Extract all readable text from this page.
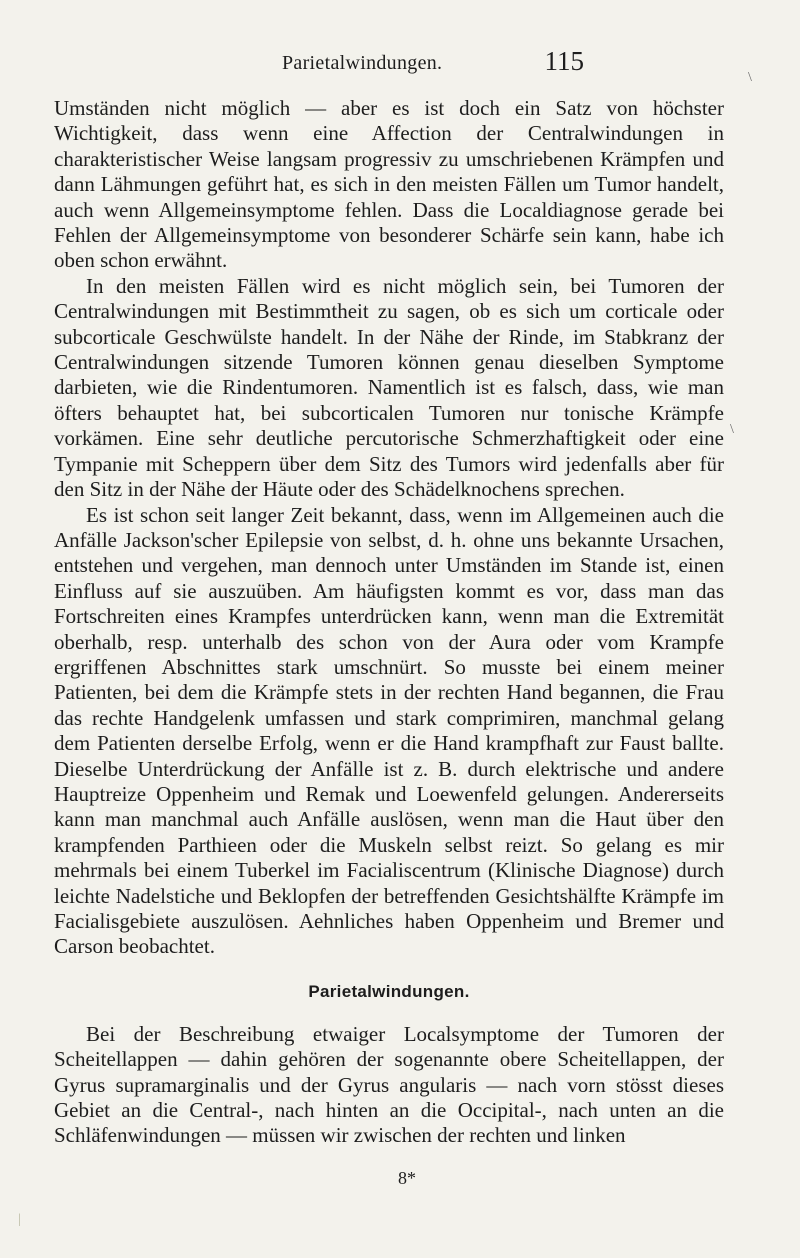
Parietalwindungen.	115
\
\

Umständen nicht möglich — aber es ist doch ein Satz von höchster Wichtigkeit, dass wenn eine Affection der Centralwindungen in charakteristischer Weise langsam progressiv zu umschriebenen Krämpfen und dann Lähmungen geführt hat, es sich in den meisten Fällen um Tumor handelt, auch wenn Allgemeinsymptome fehlen. Dass die Localdiagnose gerade bei Fehlen der Allgemeinsymptome von besonderer Schärfe sein kann, habe ich oben schon erwähnt.

In den meisten Fällen wird es nicht möglich sein, bei Tumoren der Centralwindungen mit Bestimmtheit zu sagen, ob es sich um corticale oder subcorticale Geschwülste handelt. In der Nähe der Rinde, im Stabkranz der Centralwindungen sitzende Tumoren können genau dieselben Symptome darbieten, wie die Rindentumoren. Namentlich ist es falsch, dass, wie man öfters behauptet hat, bei subcorticalen Tumoren nur tonische Krämpfe vorkämen. Eine sehr deutliche percutorische Schmerzhaftigkeit oder eine Tympanie mit Scheppern über dem Sitz des Tumors wird jedenfalls aber für den Sitz in der Nähe der Häute oder des Schädelknochens sprechen.

Es ist schon seit langer Zeit bekannt, dass, wenn im Allgemeinen auch die Anfälle Jackson'scher Epilepsie von selbst, d. h. ohne uns bekannte Ursachen, entstehen und vergehen, man dennoch unter Umständen im Stande ist, einen Einfluss auf sie auszuüben. Am häufigsten kommt es vor, dass man das Fortschreiten eines Krampfes unterdrücken kann, wenn man die Extremität oberhalb, resp. unterhalb des schon von der Aura oder vom Krampfe ergriffenen Abschnittes stark umschnürt. So musste bei einem meiner Patienten, bei dem die Krämpfe stets in der rechten Hand begannen, die Frau das rechte Handgelenk umfassen und stark comprimiren, manchmal gelang dem Patienten derselbe Erfolg, wenn er die Hand krampfhaft zur Faust ballte. Dieselbe Unterdrückung der Anfälle ist z. B. durch elektrische und andere Hauptreize Oppenheim und Remak und Loewenfeld gelungen. Andererseits kann man manchmal auch Anfälle auslösen, wenn man die Haut über den krampfenden Parthieen oder die Muskeln selbst reizt. So gelang es mir mehrmals bei einem Tuberkel im Facialiscentrum (Klinische Diagnose) durch leichte Nadelstiche und Beklopfen der betreffenden Gesichtshälfte Krämpfe im Facialisgebiete auszulösen. Aehnliches haben Oppenheim und Bremer und Carson beobachtet.

Parietalwindungen.

Bei der Beschreibung etwaiger Localsymptome der Tumoren der Scheitellappen — dahin gehören der sogenannte obere Scheitellappen, der Gyrus supramarginalis und der Gyrus angularis — nach vorn stösst dieses Gebiet an die Central-, nach hinten an die Occipital-, nach unten an die Schläfenwindungen — müssen wir zwischen der rechten und linken

8*
|
